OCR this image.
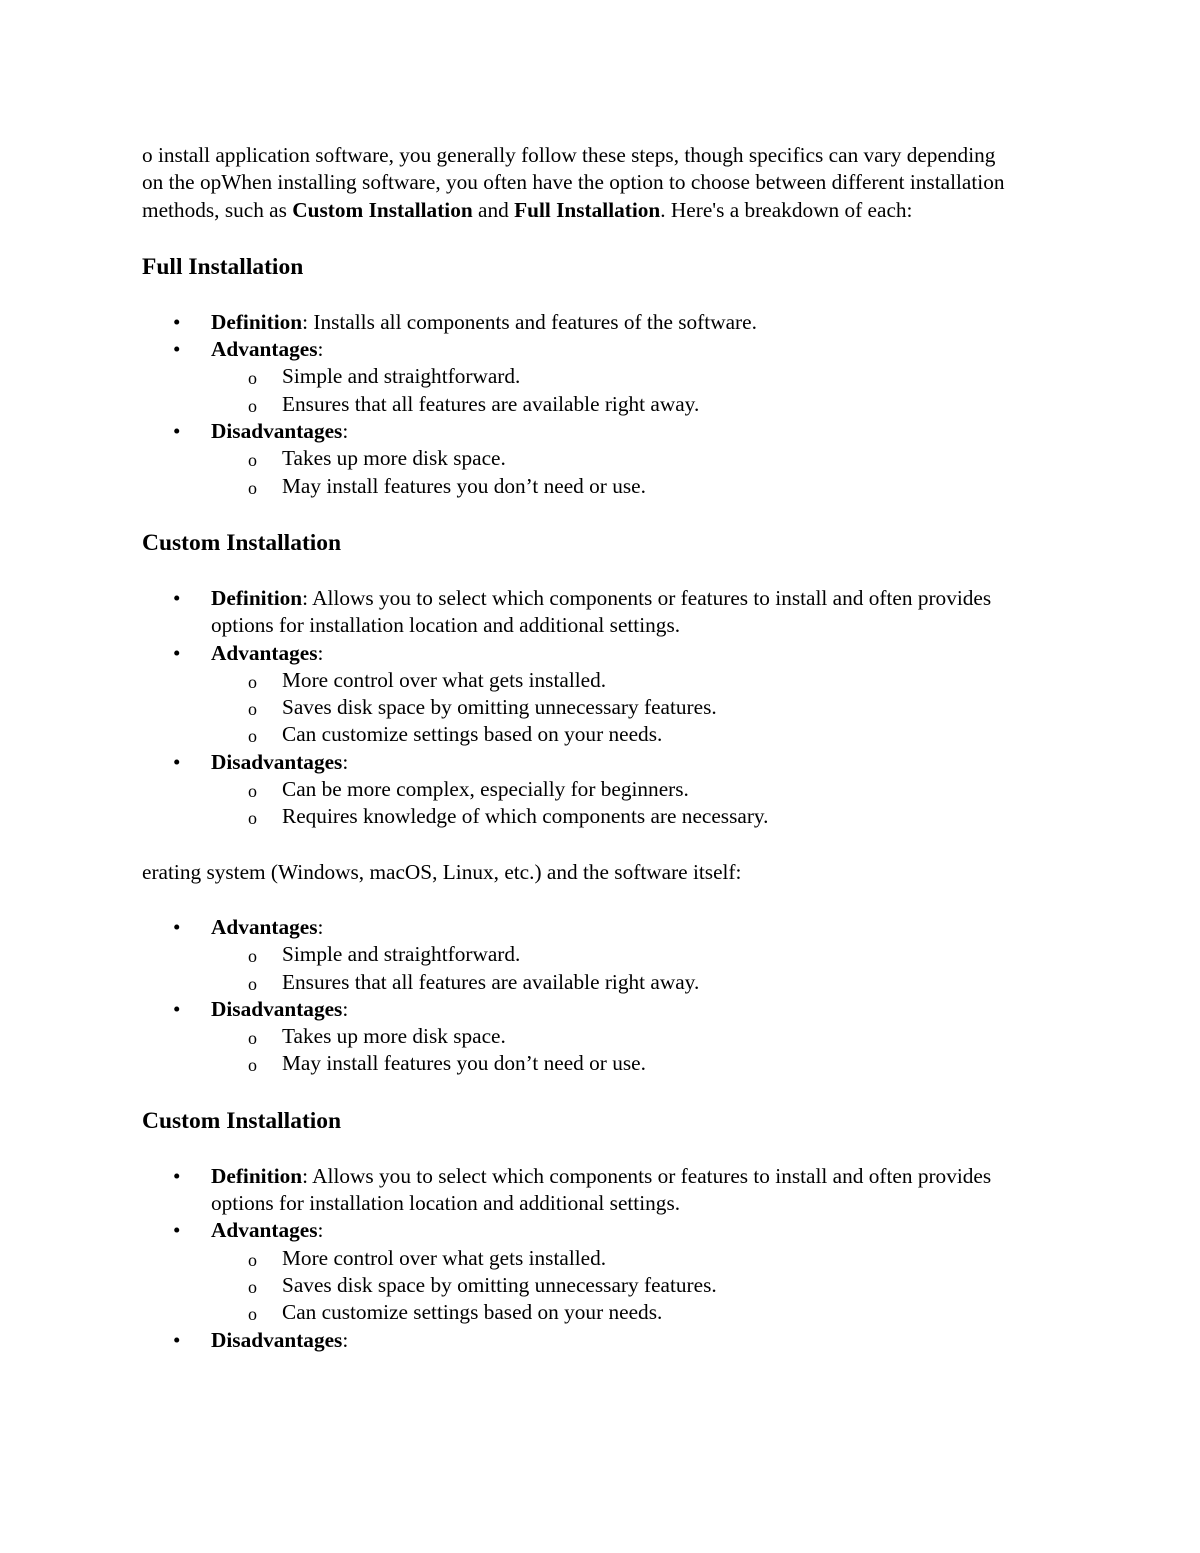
o install application software, you generally follow these steps, though specifics can vary depending on the opWhen installing software, you often have the option to choose between different installation methods, such as Custom Installation and Full Installation. Here's a breakdown of each:

Full Installation
• Definition: Installs all components and features of the software.
• Advantages:
o Simple and straightforward.
o Ensures that all features are available right away.
• Disadvantages:
o Takes up more disk space.
o May install features you don’t need or use.
Custom Installation
• Definition: Allows you to select which components or features to install and often provides options for installation location and additional settings.
• Advantages:
o More control over what gets installed.
o Saves disk space by omitting unnecessary features.
o Can customize settings based on your needs.
• Disadvantages:
o Can be more complex, especially for beginners.
o Requires knowledge of which components are necessary.

erating system (Windows, macOS, Linux, etc.) and the software itself:

• Advantages:
o Simple and straightforward.
o Ensures that all features are available right away.
• Disadvantages:
o Takes up more disk space.
o May install features you don’t need or use.
Custom Installation
• Definition: Allows you to select which components or features to install and often provides options for installation location and additional settings.
• Advantages:
o More control over what gets installed.
o Saves disk space by omitting unnecessary features.
o Can customize settings based on your needs.
• Disadvantages:
